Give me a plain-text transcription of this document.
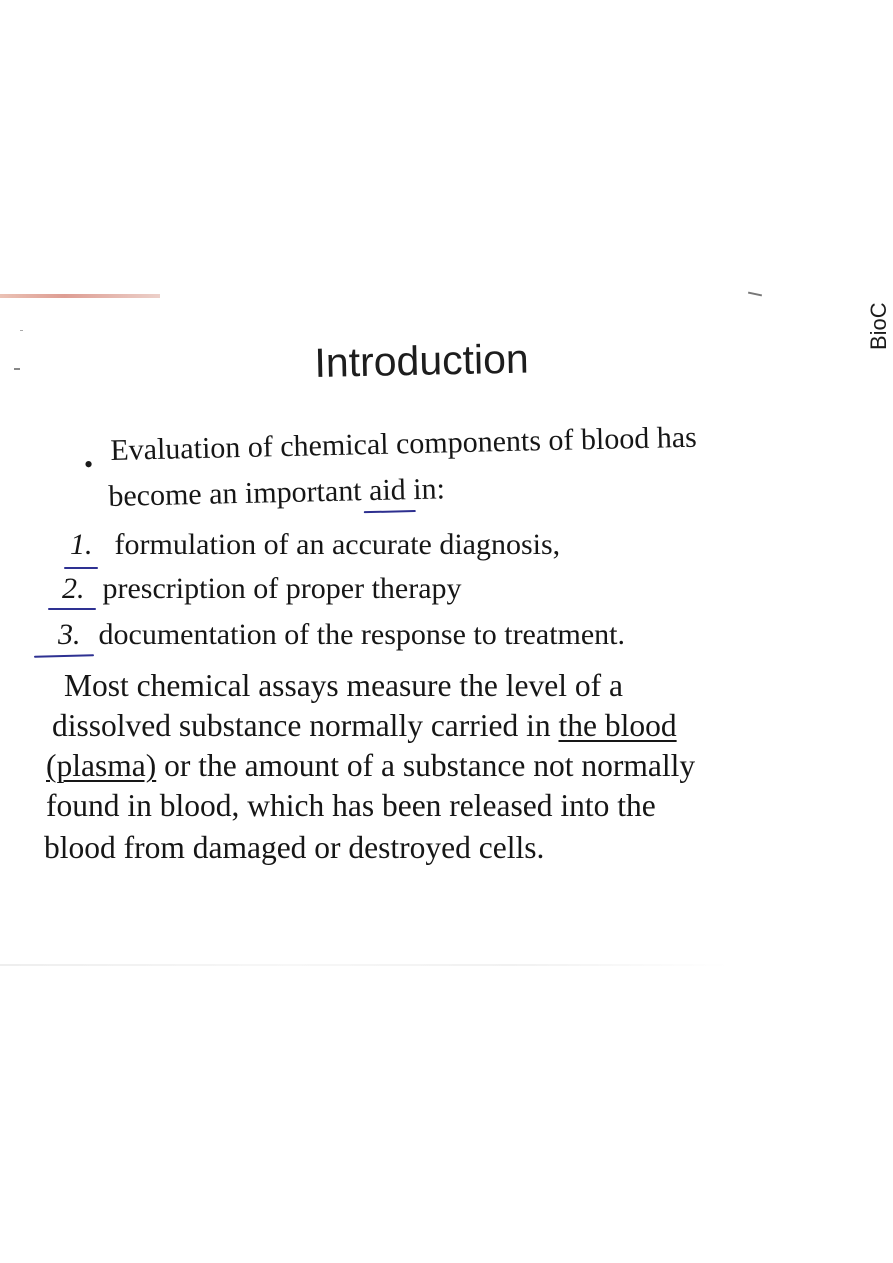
BioC
Introduction
• Evaluation of chemical components of blood has
become an important aid in:
1. formulation of an accurate diagnosis,
2. prescription of proper therapy
3. documentation of the response to treatment.
Most chemical assays measure the level of a
dissolved substance normally carried in the blood
(plasma) or the amount of a substance not normally
found in blood, which has been released into the
blood from damaged or destroyed cells.
